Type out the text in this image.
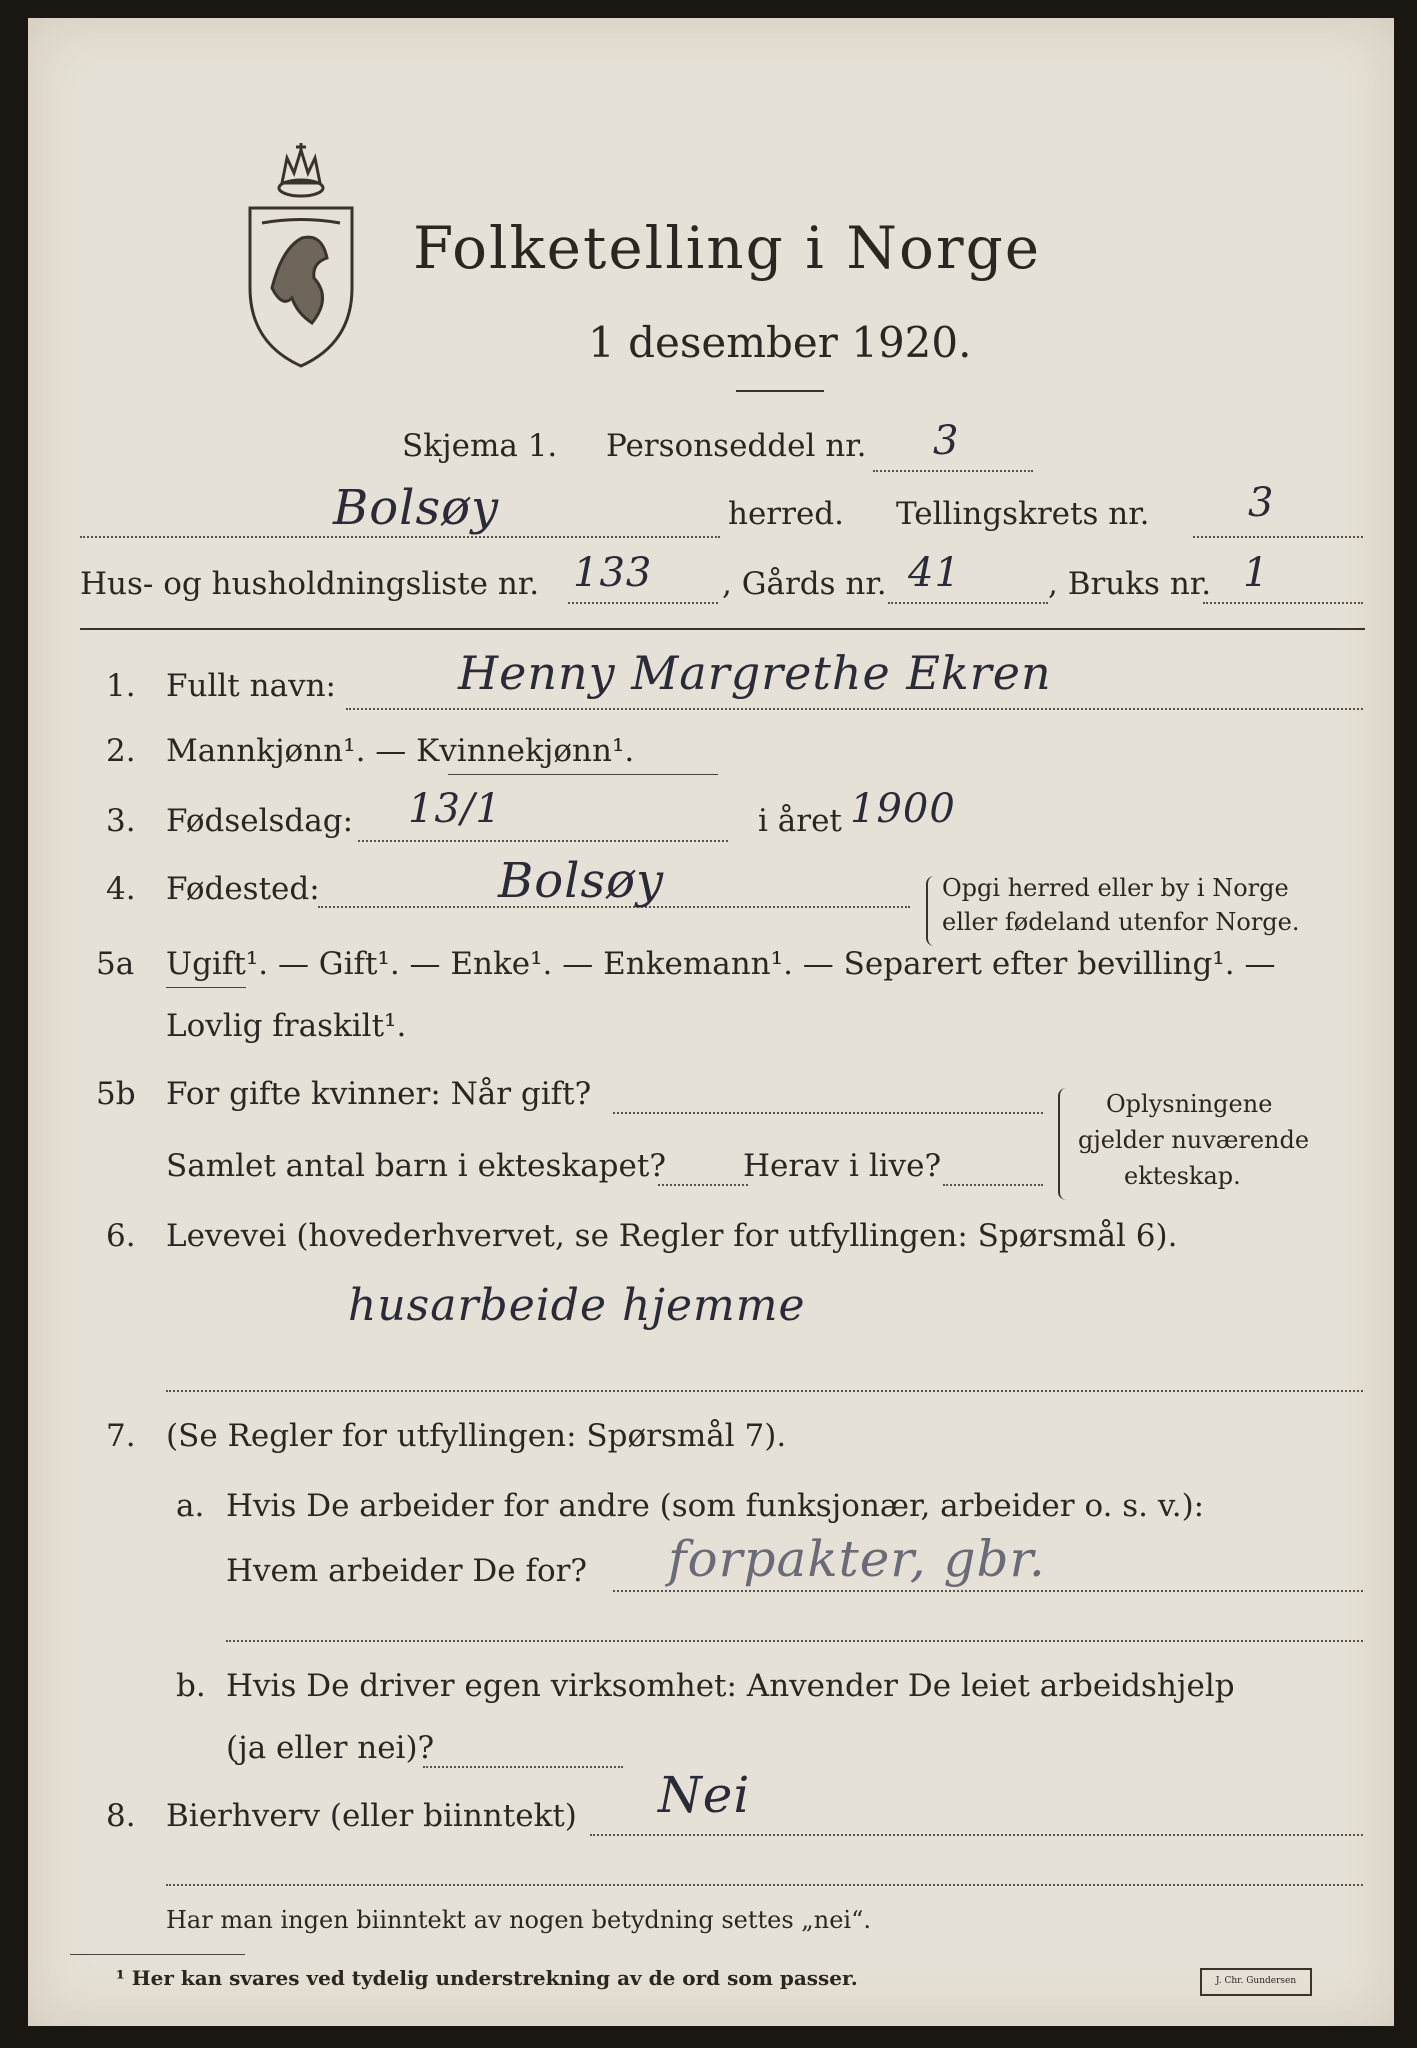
Folketelling i Norge
1 desember 1920.
Skjema 1. Personseddel nr. 3
Bolsøy	herred. Tellingskrets nr. 3
Hus- og husholdningsliste nr. 133 , Gårds nr. 41	, Bruks nr. 1
1. Fullt navn:	Henny Margrethe Ekren
2. Mannkjønn¹. — Kvinnekjønn¹.
3. Fødselsdag: 13/1	i året 1900
4. Fødested:	Bolsøy	Opgi herred eller by i Norge
eller fødeland utenfor Norge.
5a Ugift¹. — Gift¹. — Enke¹. — Enkemann¹. — Separert efter bevilling¹. —
Lovlig fraskilt¹.
5b For gifte kvinner: Når gift?
Samlet antal barn i ekteskapet? Herav i live?
Oplysningene
gjelder nuværende
ekteskap.
6. Levevei (hovederhvervet, se Regler for utfyllingen: Spørsmål 6).
husarbeide hjemme
7. (Se Regler for utfyllingen: Spørsmål 7).
a. Hvis De arbeider for andre (som funksjonær, arbeider o. s. v.):
Hvem arbeider De for? forpakter, gbr.
b. Hvis De driver egen virksomhet: Anvender De leiet arbeidshjelp
(ja eller nei)?
8. Bierhverv (eller biinntekt) Nei
Har man ingen biinntekt av nogen betydning settes „nei“.
¹ Her kan svares ved tydelig understrekning av de ord som passer.	J. Chr. Gundersen
